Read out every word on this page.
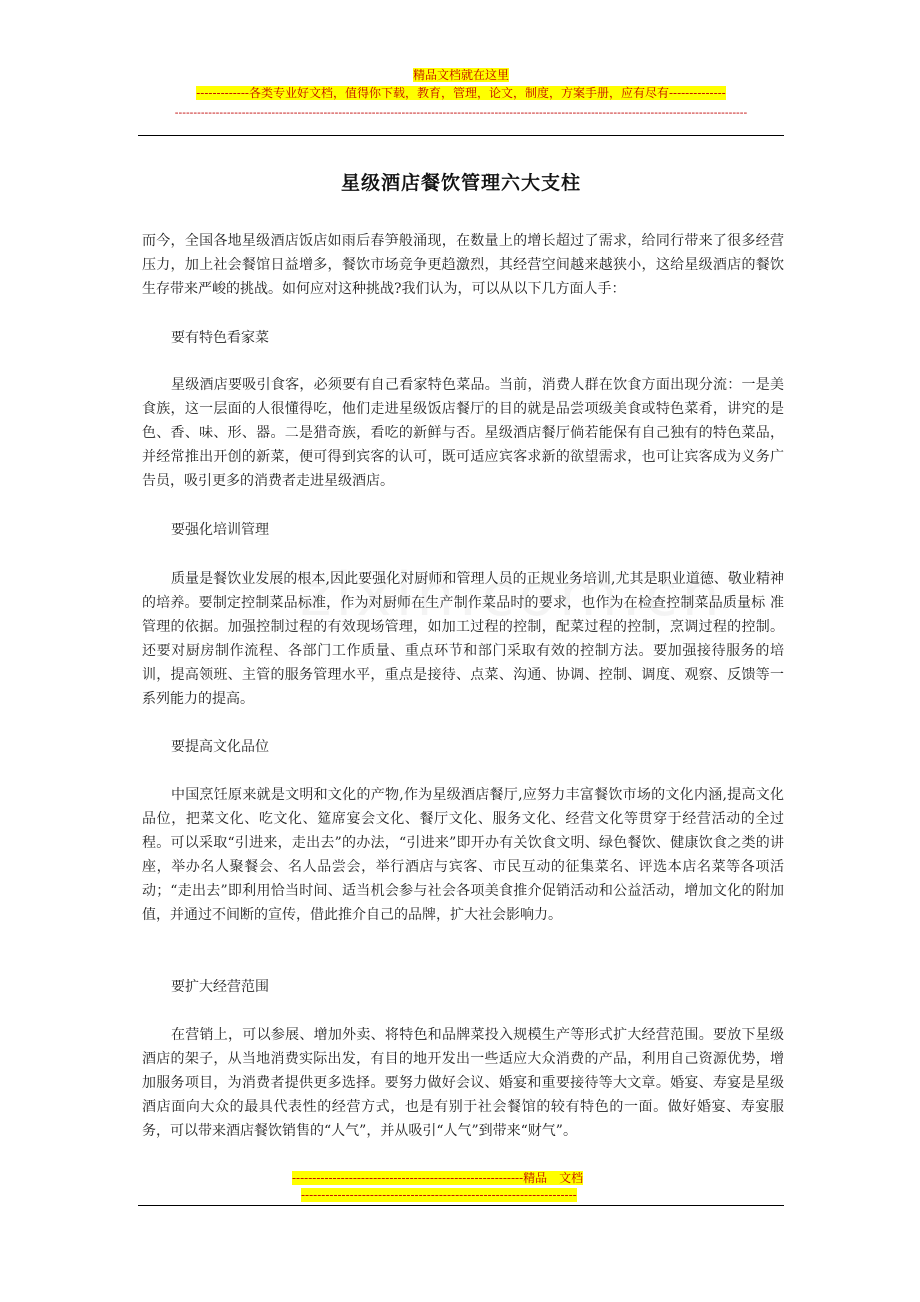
精品文档就在这里
-------------各类专业好文档，值得你下载，教育，管理，论文，制度，方案手册，应有尽有--------------
----------------------------------------------------------------------------------------------------------------------------------------------------------
星级酒店餐饮管理六大支柱
而今，全国各地星级酒店饭店如雨后春笋般涌现，在数量上的增长超过了需求，给同行带来了很多经营压力，加上社会餐馆日益增多，餐饮市场竞争更趋激烈，其经营空间越来越狭小，这给星级酒店的餐饮生存带来严峻的挑战。如何应对这种挑战?我们认为，可以从以下几方面人手：
要有特色看家菜
星级酒店要吸引食客，必须要有自己看家特色菜品。当前，消费人群在饮食方面出现分流：一是美食族，这一层面的人很懂得吃，他们走进星级饭店餐厅的目的就是品尝项级美食或特色菜肴，讲究的是色、香、味、形、器。二是猎奇族，看吃的新鲜与否。星级酒店餐厅倘若能保有自己独有的特色菜品，并经常推出开创的新菜，便可得到宾客的认可，既可适应宾客求新的欲望需求，也可让宾客成为义务广告员，吸引更多的消费者走进星级酒店。
要强化培训管理
质量是餐饮业发展的根本,因此要强化对厨师和管理人员的正规业务培训,尤其是职业道德、敬业精神的培养。要制定控制菜品标准，作为对厨师在生产制作菜品时的要求，也作为在检查控制菜品质量标 准管理的依据。加强控制过程的有效现场管理，如加工过程的控制，配菜过程的控制，烹调过程的控制。还要对厨房制作流程、各部门工作质量、重点环节和部门采取有效的控制方法。要加强接待服务的培训，提高领班、主管的服务管理水平，重点是接待、点菜、沟通、协调、控制、调度、观察、反馈等一系列能力的提高。
要提高文化品位
中国烹饪原来就是文明和文化的产物,作为星级酒店餐厅,应努力丰富餐饮市场的文化内涵,提高文化品位，把菜文化、吃文化、筵席宴会文化、餐厅文化、服务文化、经营文化等贯穿于经营活动的全过程。可以采取“引进来，走出去”的办法，“引进来”即开办有关饮食文明、绿色餐饮、健康饮食之类的讲座，举办名人聚餐会、名人品尝会，举行酒店与宾客、市民互动的征集菜名、评选本店名菜等各项活动；“走出去”即利用恰当时间、适当机会参与社会各项美食推介促销活动和公益活动，增加文化的附加值，并通过不间断的宣传，借此推介自己的品牌，扩大社会影响力。
要扩大经营范围
在营销上，可以参展、增加外卖、将特色和品牌菜投入规模生产等形式扩大经营范围。要放下星级酒店的架子，从当地消费实际出发，有目的地开发出一些适应大众消费的产品，利用自己资源优势，增加服务项目，为消费者提供更多选择。要努力做好会议、婚宴和重要接待等大文章。婚宴、寿宴是星级酒店面向大众的最具代表性的经营方式，也是有别于社会餐馆的较有特色的一面。做好婚宴、寿宴服务，可以带来酒店餐饮销售的“人气”，并从吸引“人气”到带来“财气”。
---------------------------------------------------------精品　文档
--------------------------------------------------------------------
